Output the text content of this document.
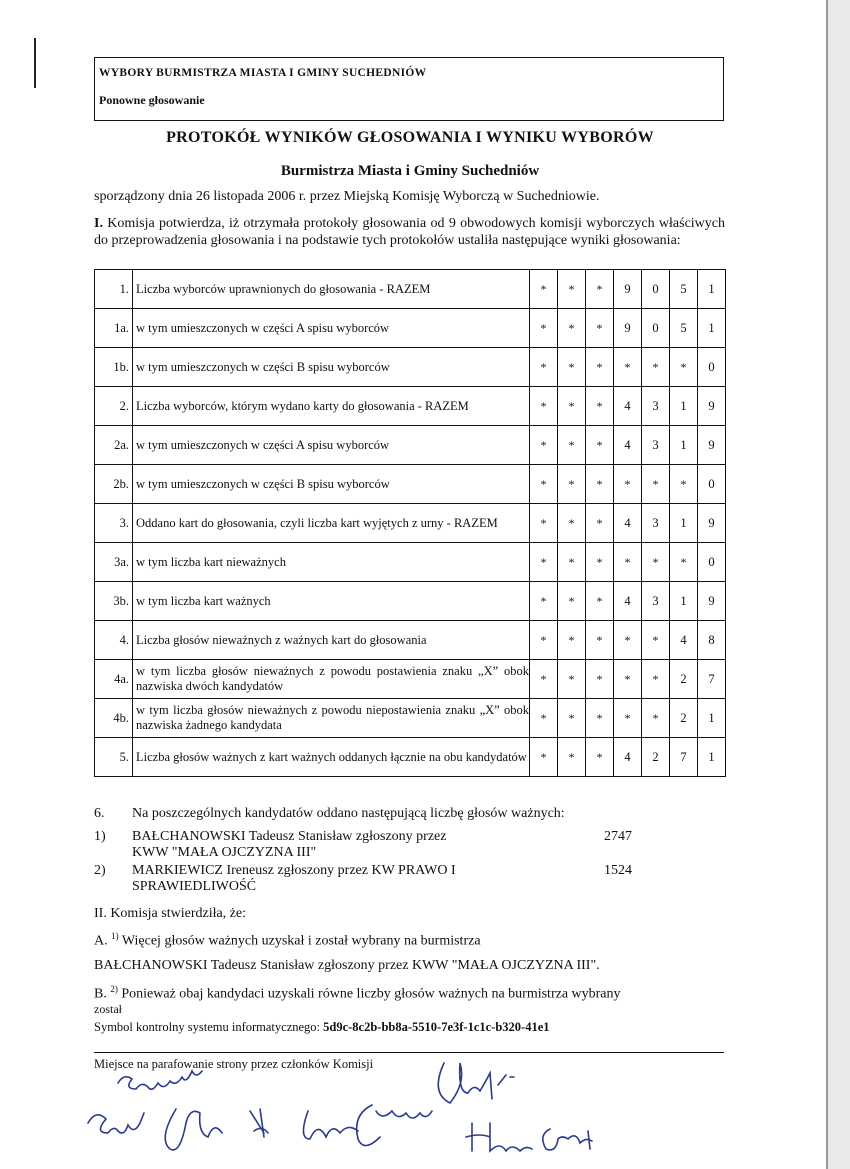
WYBORY BURMISTRZA MIASTA I GMINY SUCHEDNIÓW
Ponowne głosowanie
PROTOKÓŁ WYNIKÓW GŁOSOWANIA I WYNIKU WYBORÓW
Burmistrza Miasta i Gminy Suchedniów
sporządzony dnia 26 listopada 2006 r. przez Miejską Komisję Wyborczą w Suchedniowie.
I. Komisja potwierdza, iż otrzymała protokoły głosowania od 9 obwodowych komisji wyborczych właściwych do przeprowadzenia głosowania i na podstawie tych protokołów ustaliła następujące wyniki głosowania:
1.	Liczba wyborców uprawnionych do głosowania - RAZEM	*	*	*	9	0	5	1
1a.	w tym umieszczonych w części A spisu wyborców	*	*	*	9	0	5	1
1b.	w tym umieszczonych w części B spisu wyborców	*	*	*	*	*	*	0
2.	Liczba wyborców, którym wydano karty do głosowania - RAZEM	*	*	*	4	3	1	9
2a.	w tym umieszczonych w części A spisu wyborców	*	*	*	4	3	1	9
2b.	w tym umieszczonych w części B spisu wyborców	*	*	*	*	*	*	0
3.	Oddano kart do głosowania, czyli liczba kart wyjętych z urny - RAZEM	*	*	*	4	3	1	9
3a.	w tym liczba kart nieważnych	*	*	*	*	*	*	0
3b.	w tym liczba kart ważnych	*	*	*	4	3	1	9
4.	Liczba głosów nieważnych z ważnych kart do głosowania	*	*	*	*	*	4	8
4a.	w tym liczba głosów nieważnych z powodu postawienia znaku „X” obok nazwiska dwóch kandydatów	*	*	*	*	*	2	7
4b.	w tym liczba głosów nieważnych z powodu niepostawienia znaku „X” obok nazwiska żadnego kandydata	*	*	*	*	*	2	1
5.	Liczba głosów ważnych z kart ważnych oddanych łącznie na obu kandydatów	*	*	*	4	2	7	1
6. Na poszczególnych kandydatów oddano następującą liczbę głosów ważnych:
1) BAŁCHANOWSKI Tadeusz Stanisław zgłoszony przez
KWW "MAŁA OJCZYZNA III"
2747
2) MARKIEWICZ Ireneusz zgłoszony przez KW PRAWO I
SPRAWIEDLIWOŚĆ
1524
II. Komisja stwierdziła, że:
A. $^{1)}$ Więcej głosów ważnych uzyskał i został wybrany na burmistrza
BAŁCHANOWSKI Tadeusz Stanisław zgłoszony przez KWW "MAŁA OJCZYZNA III".
B. $^{2)}$ Ponieważ obaj kandydaci uzyskali równe liczby głosów ważnych na burmistrza wybrany
został
Symbol kontrolny systemu informatycznego: 5d9c-8c2b-bb8a-5510-7e3f-1c1c-b320-41e1
Miejsce na parafowanie strony przez członków Komisji
